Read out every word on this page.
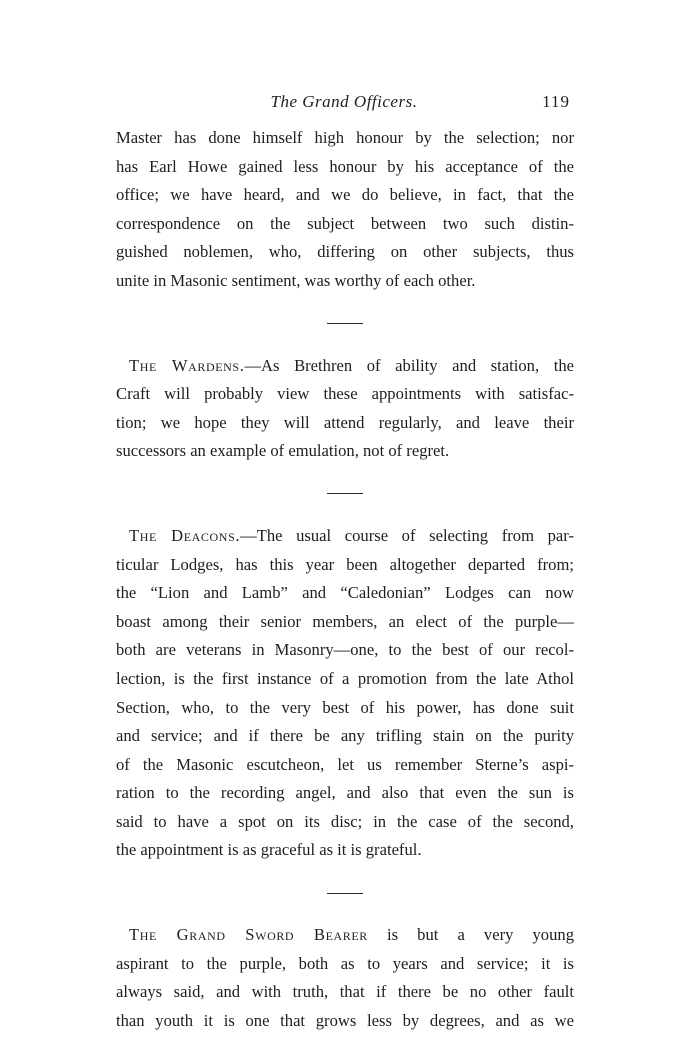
The Grand Officers.	119
Master has done himself high honour by the selection; nor
has Earl Howe gained less honour by his acceptance of the
office; we have heard, and we do believe, in fact, that the
correspondence on the subject between two such distin-
guished noblemen, who, differing on other subjects, thus
unite in Masonic sentiment, was worthy of each other.
The Wardens.—As Brethren of ability and station, the
Craft will probably view these appointments with satisfac-
tion; we hope they will attend regularly, and leave their
successors an example of emulation, not of regret.
The Deacons.—The usual course of selecting from par-
ticular Lodges, has this year been altogether departed from;
the “Lion and Lamb” and “Caledonian” Lodges can now
boast among their senior members, an elect of the purple—
both are veterans in Masonry—one, to the best of our recol-
lection, is the first instance of a promotion from the late Athol
Section, who, to the very best of his power, has done suit
and service; and if there be any trifling stain on the purity
of the Masonic escutcheon, let us remember Sterne’s aspi-
ration to the recording angel, and also that even the sun is
said to have a spot on its disc; in the case of the second,
the appointment is as graceful as it is grateful.
The Grand Sword Bearer is but a very young
aspirant to the purple, both as to years and service; it is
always said, and with truth, that if there be no other fault
than youth it is one that grows less by degrees, and as we
